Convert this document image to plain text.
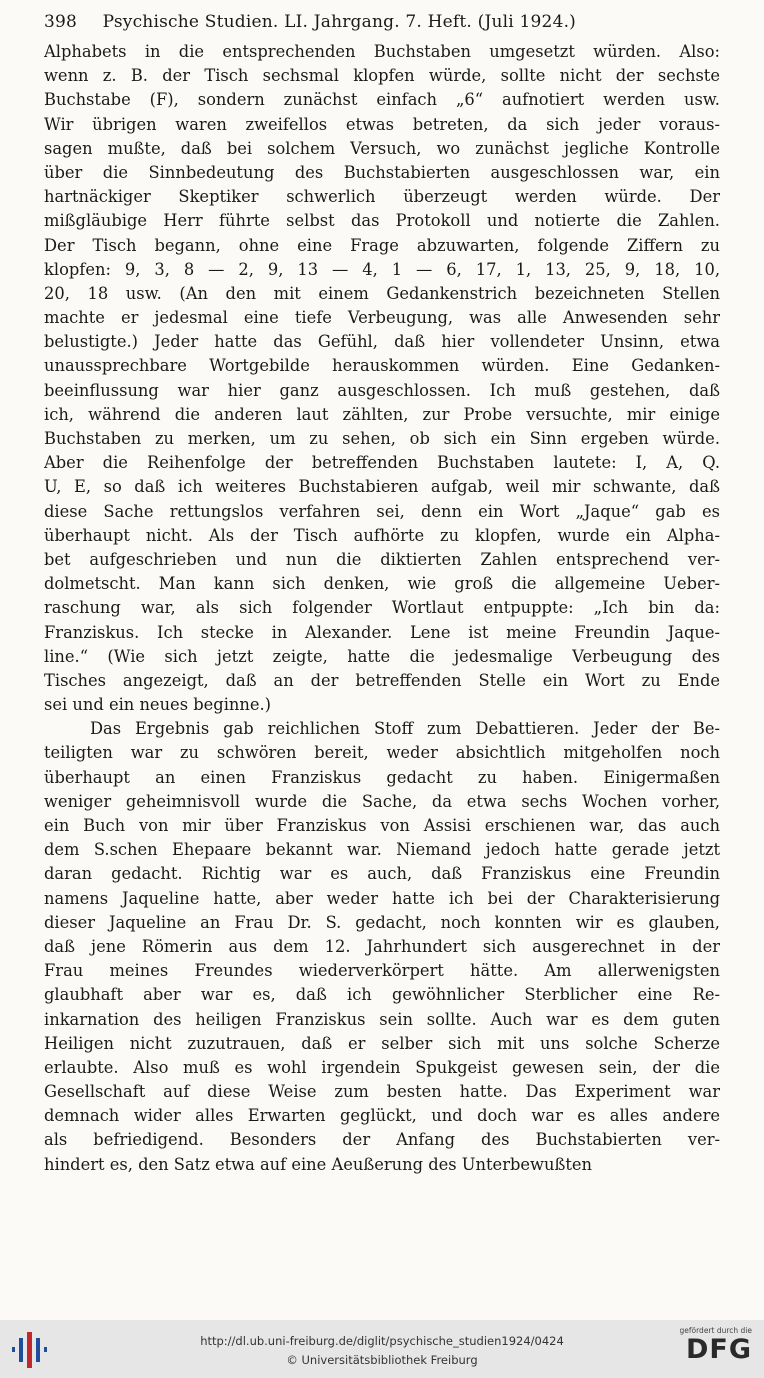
398 Psychische Studien. LI. Jahrgang. 7. Heft. (Juli 1924.)
Alphabets in die entsprechenden Buchstaben umgesetzt würden. Also:
wenn z. B. der Tisch sechsmal klopfen würde, sollte nicht der sechste
Buchstabe (F), sondern zunächst einfach „6“ aufnotiert werden usw.
Wir übrigen waren zweifellos etwas betreten, da sich jeder voraus-
sagen mußte, daß bei solchem Versuch, wo zunächst jegliche Kontrolle
über die Sinnbedeutung des Buchstabierten ausgeschlossen war, ein
hartnäckiger Skeptiker schwerlich überzeugt werden würde. Der
mißgläubige Herr führte selbst das Protokoll und notierte die Zahlen.
Der Tisch begann, ohne eine Frage abzuwarten, folgende Ziffern zu
klopfen: 9, 3, 8 — 2, 9, 13 — 4, 1 — 6, 17, 1, 13, 25, 9, 18, 10,
20, 18 usw. (An den mit einem Gedankenstrich bezeichneten Stellen
machte er jedesmal eine tiefe Verbeugung, was alle Anwesenden sehr
belustigte.) Jeder hatte das Gefühl, daß hier vollendeter Unsinn, etwa
unaussprechbare Wortgebilde herauskommen würden. Eine Gedanken-
beeinflussung war hier ganz ausgeschlossen. Ich muß gestehen, daß
ich, während die anderen laut zählten, zur Probe versuchte, mir einige
Buchstaben zu merken, um zu sehen, ob sich ein Sinn ergeben würde.
Aber die Reihenfolge der betreffenden Buchstaben lautete: I, A, Q.
U, E, so daß ich weiteres Buchstabieren aufgab, weil mir schwante, daß
diese Sache rettungslos verfahren sei, denn ein Wort „Jaque“ gab es
überhaupt nicht. Als der Tisch aufhörte zu klopfen, wurde ein Alpha-
bet aufgeschrieben und nun die diktierten Zahlen entsprechend ver-
dolmetscht. Man kann sich denken, wie groß die allgemeine Ueber-
raschung war, als sich folgender Wortlaut entpuppte: „Ich bin da:
Franziskus. Ich stecke in Alexander. Lene ist meine Freundin Jaque-
line.“ (Wie sich jetzt zeigte, hatte die jedesmalige Verbeugung des
Tisches angezeigt, daß an der betreffenden Stelle ein Wort zu Ende
sei und ein neues beginne.)
Das Ergebnis gab reichlichen Stoff zum Debattieren. Jeder der Be-
teiligten war zu schwören bereit, weder absichtlich mitgeholfen noch
überhaupt an einen Franziskus gedacht zu haben. Einigermaßen
weniger geheimnisvoll wurde die Sache, da etwa sechs Wochen vorher,
ein Buch von mir über Franziskus von Assisi erschienen war, das auch
dem S.schen Ehepaare bekannt war. Niemand jedoch hatte gerade jetzt
daran gedacht. Richtig war es auch, daß Franziskus eine Freundin
namens Jaqueline hatte, aber weder hatte ich bei der Charakterisierung
dieser Jaqueline an Frau Dr. S. gedacht, noch konnten wir es glauben,
daß jene Römerin aus dem 12. Jahrhundert sich ausgerechnet in der
Frau meines Freundes wiederverkörpert hätte. Am allerwenigsten
glaubhaft aber war es, daß ich gewöhnlicher Sterblicher eine Re-
inkarnation des heiligen Franziskus sein sollte. Auch war es dem guten
Heiligen nicht zuzutrauen, daß er selber sich mit uns solche Scherze
erlaubte. Also muß es wohl irgendein Spukgeist gewesen sein, der die
Gesellschaft auf diese Weise zum besten hatte. Das Experiment war
demnach wider alles Erwarten geglückt, und doch war es alles andere
als befriedigend. Besonders der Anfang des Buchstabierten ver-
hindert es, den Satz etwa auf eine Aeußerung des Unterbewußten
http://dl.ub.uni-freiburg.de/diglit/psychische_studien1924/0424
© Universitätsbibliothek Freiburg
gefördert durch die
DFG
